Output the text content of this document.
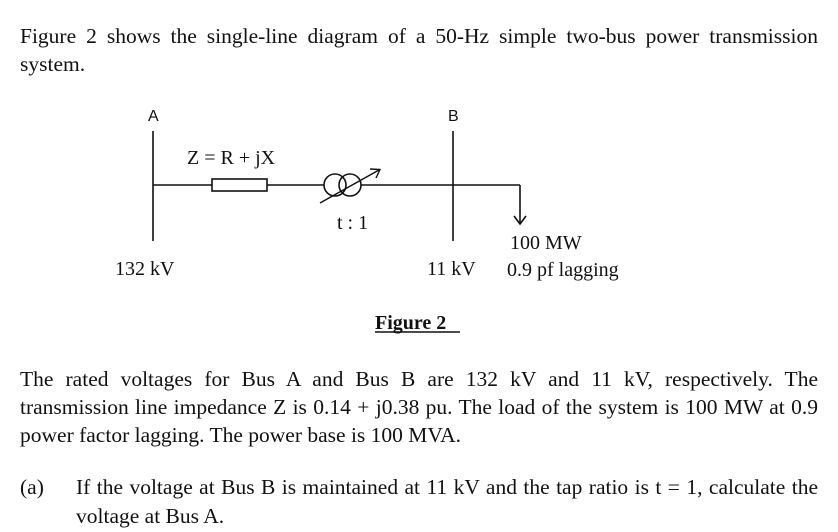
Figure 2 shows the single-line diagram of a 50-Hz simple two-bus power transmission system.

A
Z = R + jX
t : 1
B
132 kV	11 kV
100 MW
0.9 pf lagging
Figure 2

The rated voltages for Bus A and Bus B are 132 kV and 11 kV, respectively. The transmission line impedance Z is 0.14 + j0.38 pu. The load of the system is 100 MW at 0.9 power factor lagging. The power base is 100 MVA.

(a) If the voltage at Bus B is maintained at 11 kV and the tap ratio is t = 1, calculate the voltage at Bus A.
